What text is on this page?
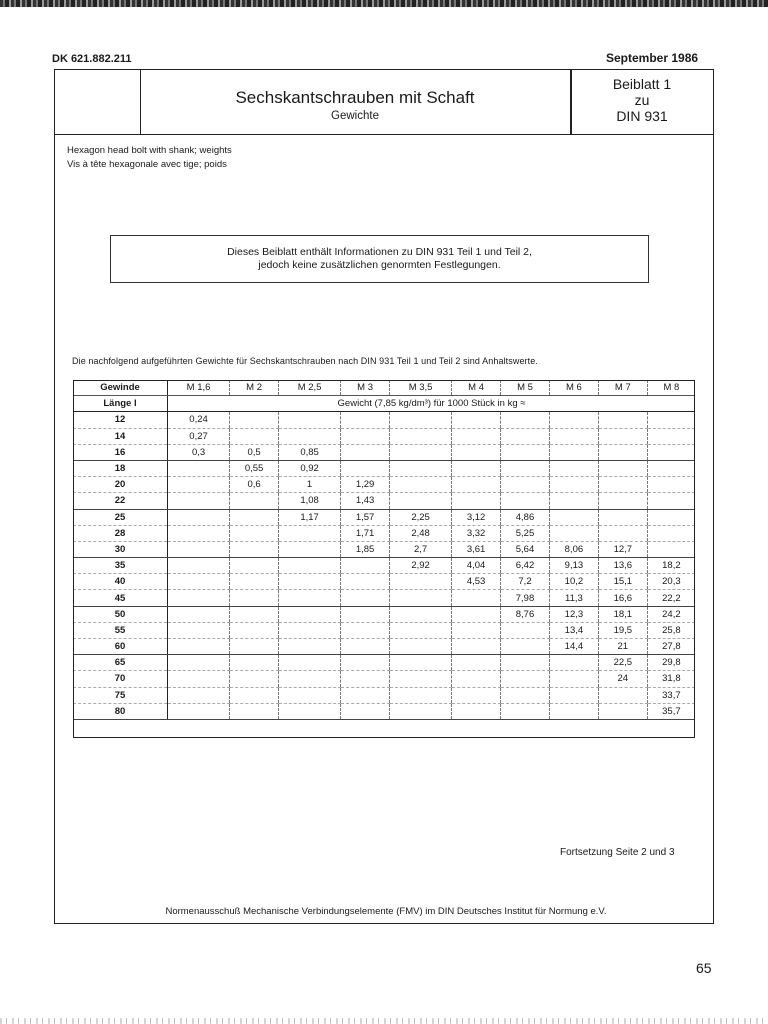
DK 621.882.211	September 1986
Sechskantschrauben mit Schaft
Gewichte
Beiblatt 1
zu
DIN 931
Hexagon head bolt with shank; weights
Vis à tête hexagonale avec tige; poids
Dieses Beiblatt enthält Informationen zu DIN 931 Teil 1 und Teil 2,
jedoch keine zusätzlichen genormten Festlegungen.
Die nachfolgend aufgeführten Gewichte für Sechskantschrauben nach DIN 931 Teil 1 und Teil 2 sind Anhaltswerte.
Gewinde	M 1,6	M 2	M 2,5	M 3	M 3,5	M 4	M 5	M 6	M 7	M 8
Länge l	Gewicht (7,85 kg/dm³) für 1000 Stück in kg ≈									
12	0,24									
14	0,27									
16	0,3	0,5	0,85							
18		0,55	0,92							
20		0,6	1	1,29						
22			1,08	1,43						
25			1,17	1,57	2,25	3,12	4,86			
28				1,71	2,48	3,32	5,25			
30				1,85	2,7	3,61	5,64	8,06	12,7	
35					2,92	4,04	6,42	9,13	13,6	18,2
40						4,53	7,2	10,2	15,1	20,3
45							7,98	11,3	16,6	22,2
50							8,76	12,3	18,1	24,2
55								13,4	19,5	25,8
60								14,4	21	27,8
65									22,5	29,8
70									24	31,8
75										33,7
80										35,7
Fortsetzung Seite 2 und 3
Normenausschuß Mechanische Verbindungselemente (FMV) im DIN Deutsches Institut für Normung e.V.
65
